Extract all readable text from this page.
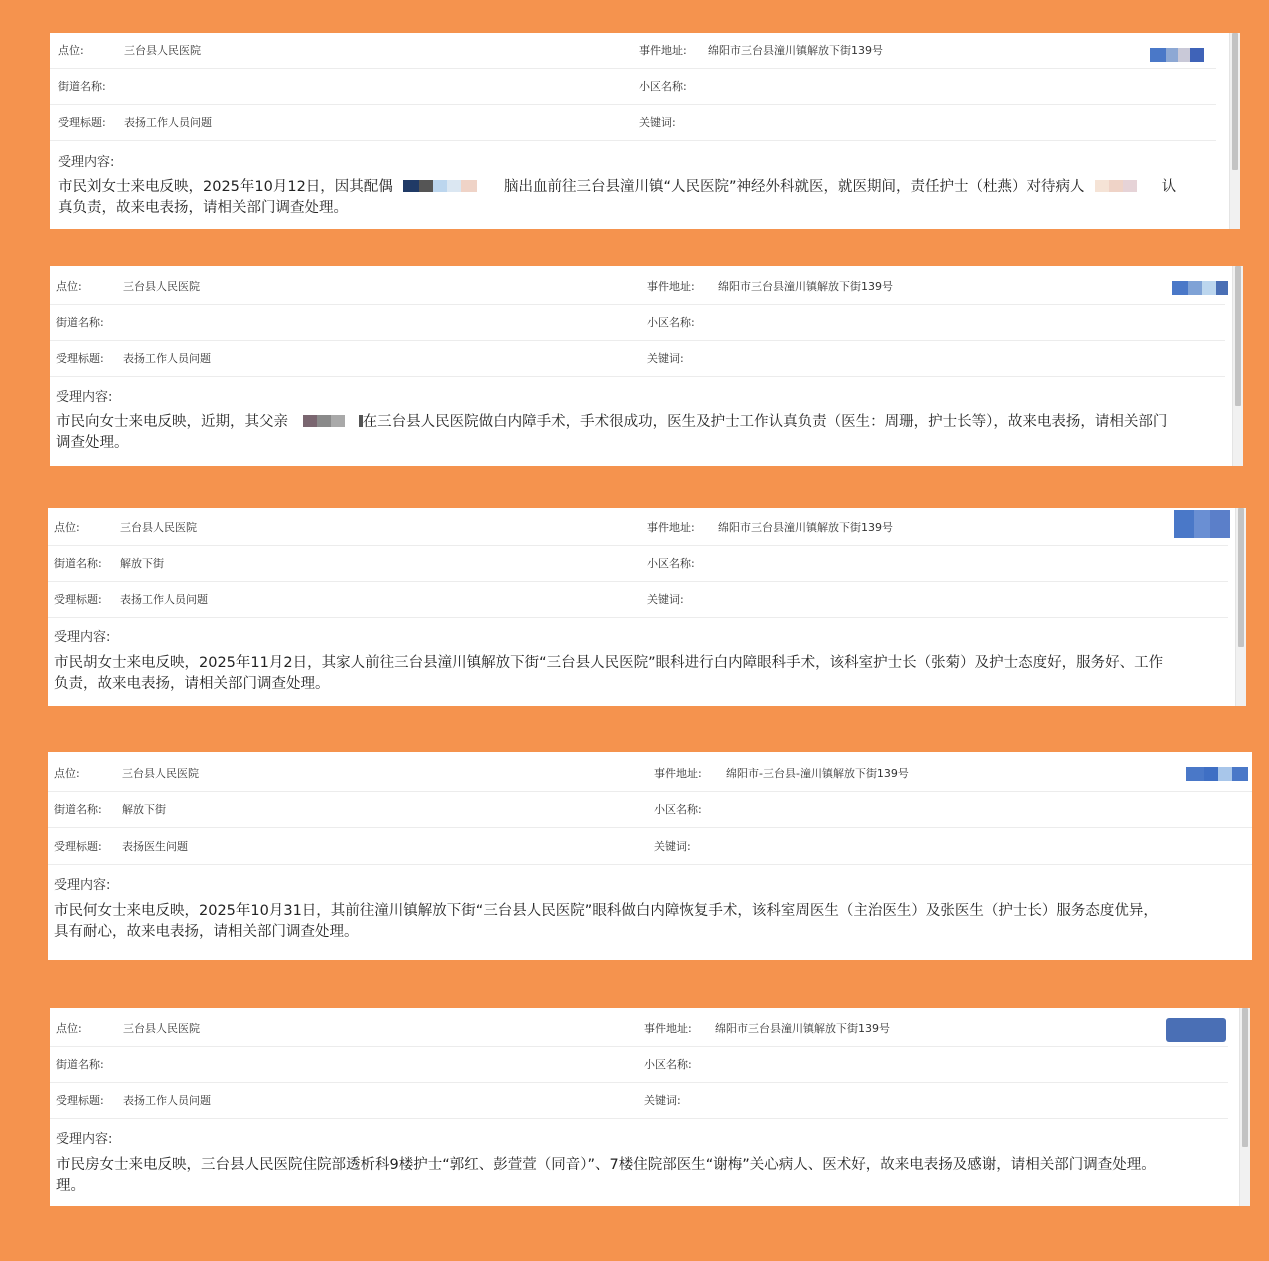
点位:	三台县人民医院	事件地址: 绵阳市三台县潼川镇解放下街139号
街道名称:	小区名称:
受理标题: 表扬工作人员问题	关键词:
受理内容:
市民刘女士来电反映，2025年10月12日，因其配偶	脑出血前往三台县潼川镇“人民医院”神经外科就医，就医期间，责任护士（杜燕）对待病人	认
真负责，故来电表扬，请相关部门调查处理。
点位:	三台县人民医院	事件地址: 绵阳市三台县潼川镇解放下街139号
街道名称:	小区名称:
受理标题: 表扬工作人员问题	关键词:
受理内容:
市民向女士来电反映，近期，其父亲	在三台县人民医院做白内障手术，手术很成功，医生及护士工作认真负责（医生：周珊，护士长等），故来电表扬，请相关部门
调查处理。
点位:	三台县人民医院	事件地址: 绵阳市三台县潼川镇解放下街139号
街道名称: 解放下街	小区名称:
受理标题: 表扬工作人员问题	关键词:
受理内容:
市民胡女士来电反映，2025年11月2日，其家人前往三台县潼川镇解放下街“三台县人民医院”眼科进行白内障眼科手术，该科室护士长（张菊）及护士态度好，服务好、工作
负责，故来电表扬，请相关部门调查处理。
点位:	三台县人民医院	事件地址: 绵阳市-三台县-潼川镇解放下街139号
街道名称: 解放下街	小区名称:
受理标题: 表扬医生问题	关键词:
受理内容:
市民何女士来电反映，2025年10月31日，其前往潼川镇解放下街“三台县人民医院”眼科做白内障恢复手术，该科室周医生（主治医生）及张医生（护士长）服务态度优异，
具有耐心，故来电表扬，请相关部门调查处理。
点位:	三台县人民医院	事件地址: 绵阳市三台县潼川镇解放下街139号
街道名称:	小区名称:
受理标题: 表扬工作人员问题	关键词:
受理内容:
市民房女士来电反映，三台县人民医院住院部透析科9楼护士“郭红、彭萱萱（同音）”、7楼住院部医生“谢梅”关心病人、医术好，故来电表扬及感谢，请相关部门调查处理。
理。
